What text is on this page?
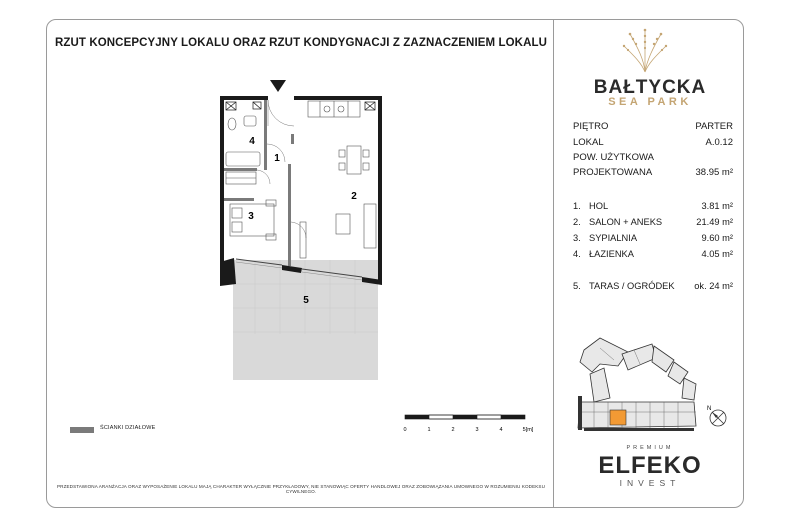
RZUT KONCEPCYJNY LOKALU ORAZ RZUT KONDYGNACJI Z ZAZNACZENIEM LOKALU
4
1
2
3
5
ŚCIANKI DZIAŁOWE	0	1	2	3	4	5[m]
PRZEDSTAWIONA ARANŻACJA ORAZ WYPOSAŻENIE LOKALU MAJĄ CHARAKTER WYŁĄCZNIE PRZYKŁADOWY, NIE STANOWIĄC OFERTY HANDLOWEJ ORAZ ZOBOWIĄZANIA UMOWNEGO W ROZUMIENIU KODEKSU CYWILNEGO.
BAŁTYCKA
SEA PARK
PIĘTRO	PARTER
LOKAL	A.0.12
POW. UŻYTKOWA
PROJEKTOWANA	38.95 m²
1. HOL	3.81 m²
2. SALON + ANEKS	21.49 m²
3. SYPIALNIA	9.60 m²
4. ŁAZIENKA	4.05 m²
5. TARAS / OGRÓDEK ok. 24 m²
N
PREMIUM
ELFEKO
INVEST
